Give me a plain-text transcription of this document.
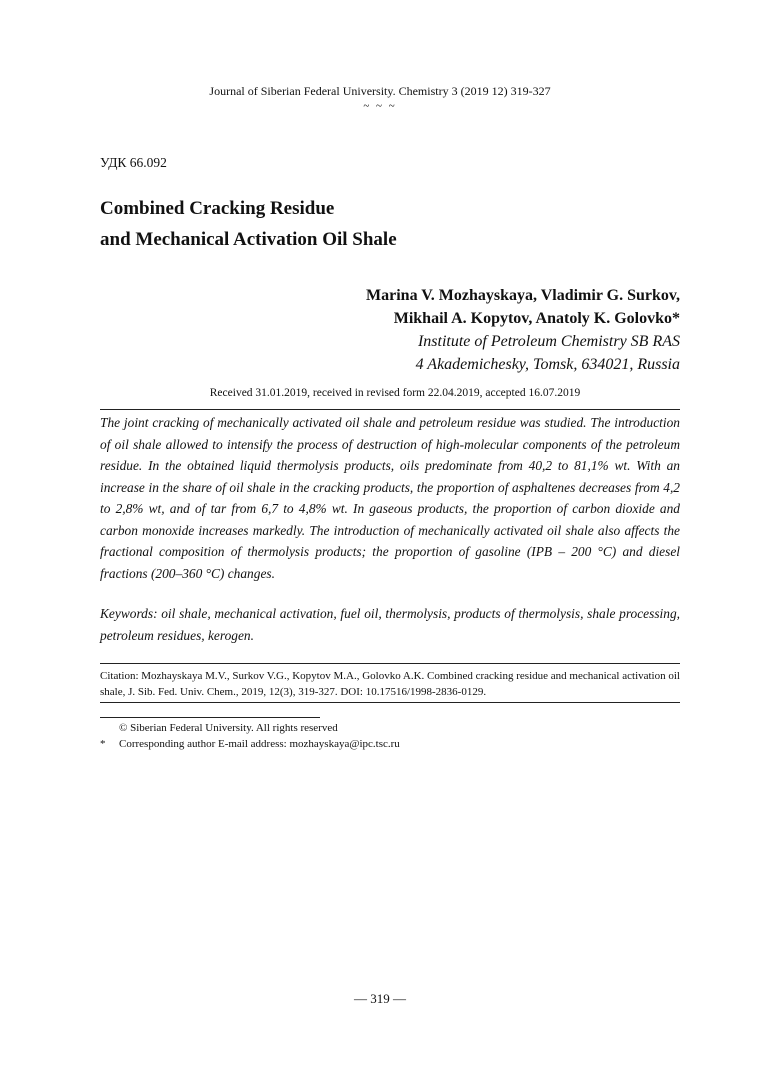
Journal of Siberian Federal University. Chemistry 3 (2019 12) 319-327
~ ~ ~
УДК 66.092
Combined Cracking Residue
and Mechanical Activation Oil Shale
Marina V. Mozhayskaya, Vladimir G. Surkov,
Mikhail A. Kopytov, Anatoly K. Golovko*
Institute of Petroleum Chemistry SB RAS
4 Akademichesky, Tomsk, 634021, Russia
Received 31.01.2019, received in revised form 22.04.2019, accepted 16.07.2019
The joint cracking of mechanically activated oil shale and petroleum residue was studied. The introduction of oil shale allowed to intensify the process of destruction of high-molecular components of the petroleum residue. In the obtained liquid thermolysis products, oils predominate from 40,2 to 81,1% wt. With an increase in the share of oil shale in the cracking products, the proportion of asphaltenes decreases from 4,2 to 2,8% wt, and of tar from 6,7 to 4,8% wt. In gaseous products, the proportion of carbon dioxide and carbon monoxide increases markedly. The introduction of mechanically activated oil shale also affects the fractional composition of thermolysis products; the proportion of gasoline (IPB – 200 °C) and diesel fractions (200–360 °C) changes.
Keywords: oil shale, mechanical activation, fuel oil, thermolysis, products of thermolysis, shale processing, petroleum residues, kerogen.
Citation: Mozhayskaya M.V., Surkov V.G., Kopytov M.A., Golovko A.K. Combined cracking residue and mechanical activation oil shale, J. Sib. Fed. Univ. Chem., 2019, 12(3), 319-327. DOI: 10.17516/1998-2836-0129.
© Siberian Federal University. All rights reserved
* Corresponding author E-mail address: mozhayskaya@ipc.tsc.ru
— 319 —
